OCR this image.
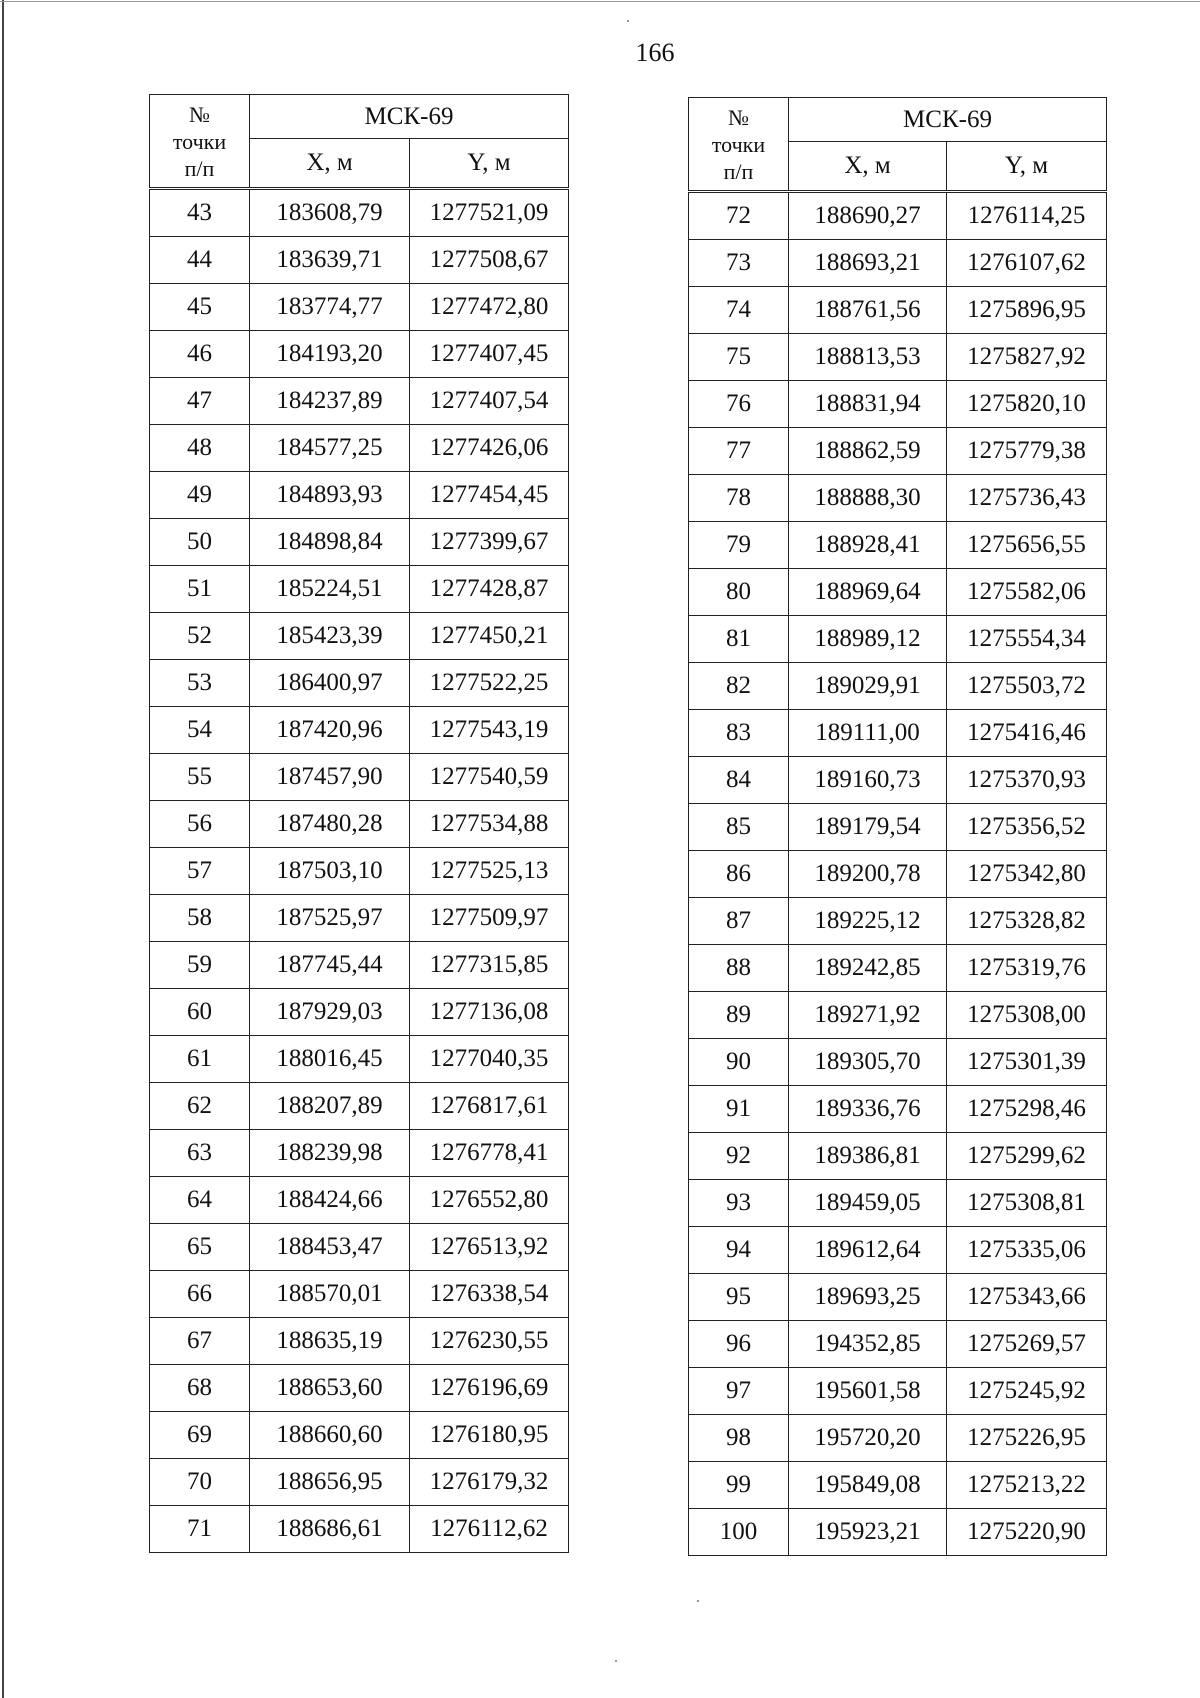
166
№
точки
п/п	МСК-69	
	X, м	Y, м
43	183608,79	1277521,09
44	183639,71	1277508,67
45	183774,77	1277472,80
46	184193,20	1277407,45
47	184237,89	1277407,54
48	184577,25	1277426,06
49	184893,93	1277454,45
50	184898,84	1277399,67
51	185224,51	1277428,87
52	185423,39	1277450,21
53	186400,97	1277522,25
54	187420,96	1277543,19
55	187457,90	1277540,59
56	187480,28	1277534,88
57	187503,10	1277525,13
58	187525,97	1277509,97
59	187745,44	1277315,85
60	187929,03	1277136,08
61	188016,45	1277040,35
62	188207,89	1276817,61
63	188239,98	1276778,41
64	188424,66	1276552,80
65	188453,47	1276513,92
66	188570,01	1276338,54
67	188635,19	1276230,55
68	188653,60	1276196,69
69	188660,60	1276180,95
70	188656,95	1276179,32
71	188686,61	1276112,62
№
точки
п/п	МСК-69	
	X, м	Y, м
72	188690,27	1276114,25
73	188693,21	1276107,62
74	188761,56	1275896,95
75	188813,53	1275827,92
76	188831,94	1275820,10
77	188862,59	1275779,38
78	188888,30	1275736,43
79	188928,41	1275656,55
80	188969,64	1275582,06
81	188989,12	1275554,34
82	189029,91	1275503,72
83	189111,00	1275416,46
84	189160,73	1275370,93
85	189179,54	1275356,52
86	189200,78	1275342,80
87	189225,12	1275328,82
88	189242,85	1275319,76
89	189271,92	1275308,00
90	189305,70	1275301,39
91	189336,76	1275298,46
92	189386,81	1275299,62
93	189459,05	1275308,81
94	189612,64	1275335,06
95	189693,25	1275343,66
96	194352,85	1275269,57
97	195601,58	1275245,92
98	195720,20	1275226,95
99	195849,08	1275213,22
100	195923,21	1275220,90
